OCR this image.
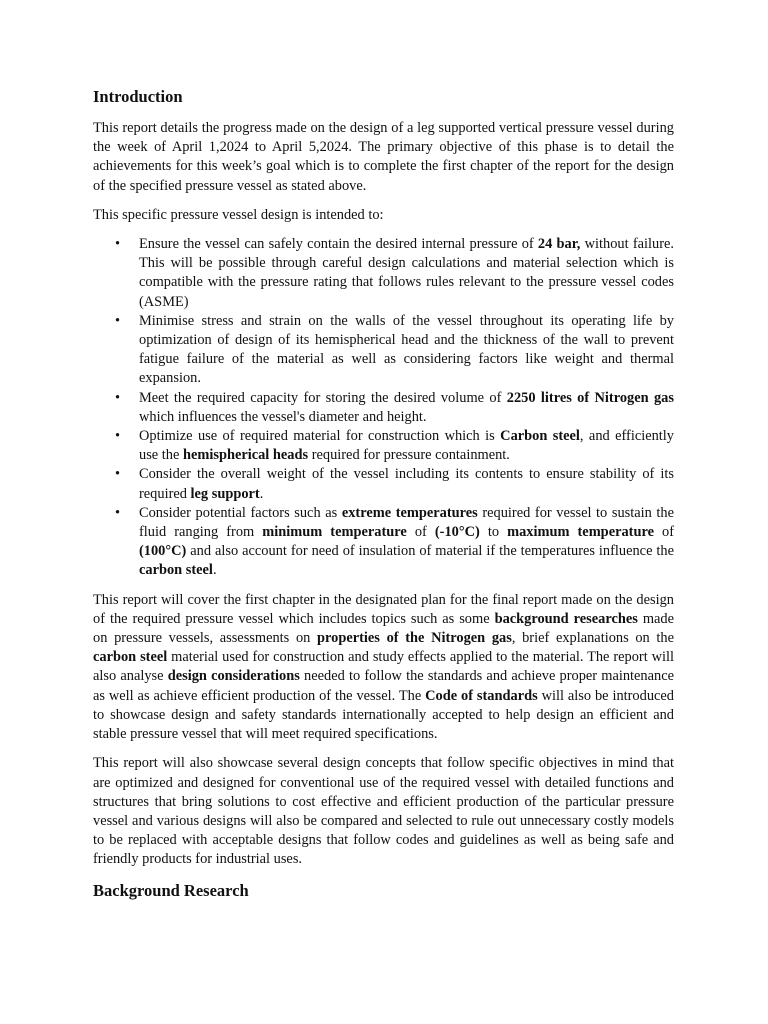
Introduction

This report details the progress made on the design of a leg supported vertical pressure vessel during the week of April 1,2024 to April 5,2024. The primary objective of this phase is to detail the achievements for this week’s goal which is to complete the first chapter of the report for the design of the specified pressure vessel as stated above.

This specific pressure vessel design is intended to:

• Ensure the vessel can safely contain the desired internal pressure of 24 bar, without failure. This will be possible through careful design calculations and material selection which is compatible with the pressure rating that follows rules relevant to the pressure vessel codes (ASME)
• Minimise stress and strain on the walls of the vessel throughout its operating life by optimization of design of its hemispherical head and the thickness of the wall to prevent fatigue failure of the material as well as considering factors like weight and thermal expansion.
• Meet the required capacity for storing the desired volume of 2250 litres of Nitrogen gas which influences the vessel's diameter and height.
• Optimize use of required material for construction which is Carbon steel, and efficiently use the hemispherical heads required for pressure containment.
• Consider the overall weight of the vessel including its contents to ensure stability of its required leg support.
• Consider potential factors such as extreme temperatures required for vessel to sustain the fluid ranging from minimum temperature of (-10°C) to maximum temperature of (100°C) and also account for need of insulation of material if the temperatures influence the carbon steel.

This report will cover the first chapter in the designated plan for the final report made on the design of the required pressure vessel which includes topics such as some background researches made on pressure vessels, assessments on properties of the Nitrogen gas, brief explanations on the carbon steel material used for construction and study effects applied to the material. The report will also analyse design considerations needed to follow the standards and achieve proper maintenance as well as achieve efficient production of the vessel. The Code of standards will also be introduced to showcase design and safety standards internationally accepted to help design an efficient and stable pressure vessel that will meet required specifications.

This report will also showcase several design concepts that follow specific objectives in mind that are optimized and designed for conventional use of the required vessel with detailed functions and structures that bring solutions to cost effective and efficient production of the particular pressure vessel and various designs will also be compared and selected to rule out unnecessary costly models to be replaced with acceptable designs that follow codes and guidelines as well as being safe and friendly products for industrial uses.

Background Research
